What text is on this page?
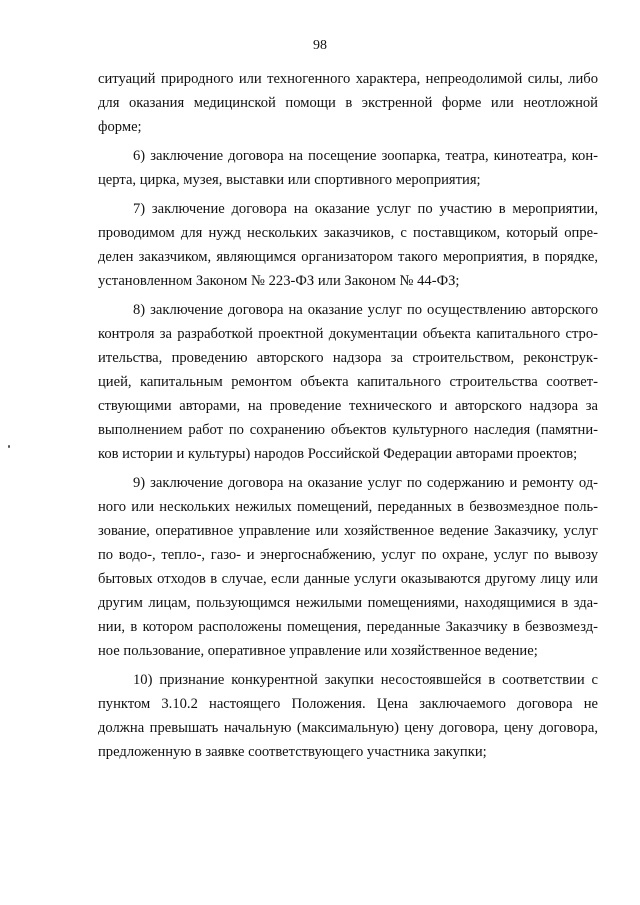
98
ситуаций природного или техногенного характера, непреодолимой силы, либо
для оказания медицинской помощи в экстренной форме или неотложной
форме;
6) заключение договора на посещение зоопарка, театра, кинотеатра, кон-
церта, цирка, музея, выставки или спортивного мероприятия;
7) заключение договора на оказание услуг по участию в мероприятии,
проводимом для нужд нескольких заказчиков, с поставщиком, который опре-
делен заказчиком, являющимся организатором такого мероприятия, в порядке,
установленном Законом № 223-ФЗ или Законом № 44-ФЗ;
8) заключение договора на оказание услуг по осуществлению авторского
контроля за разработкой проектной документации объекта капитального стро-
ительства, проведению авторского надзора за строительством, реконструк-
цией, капитальным ремонтом объекта капитального строительства соответ-
ствующими авторами, на проведение технического и авторского надзора за
выполнением работ по сохранению объектов культурного наследия (памятни-
ков истории и культуры) народов Российской Федерации авторами проектов;
9) заключение договора на оказание услуг по содержанию и ремонту од-
ного или нескольких нежилых помещений, переданных в безвозмездное поль-
зование, оперативное управление или хозяйственное ведение Заказчику, услуг
по водо-, тепло-, газо- и энергоснабжению, услуг по охране, услуг по вывозу
бытовых отходов в случае, если данные услуги оказываются другому лицу или
другим лицам, пользующимся нежилыми помещениями, находящимися в зда-
нии, в котором расположены помещения, переданные Заказчику в безвозмезд-
ное пользование, оперативное управление или хозяйственное ведение;
10) признание конкурентной закупки несостоявшейся в соответствии с
пунктом 3.10.2 настоящего Положения. Цена заключаемого договора не
должна превышать начальную (максимальную) цену договора, цену договора,
предложенную в заявке соответствующего участника закупки;
